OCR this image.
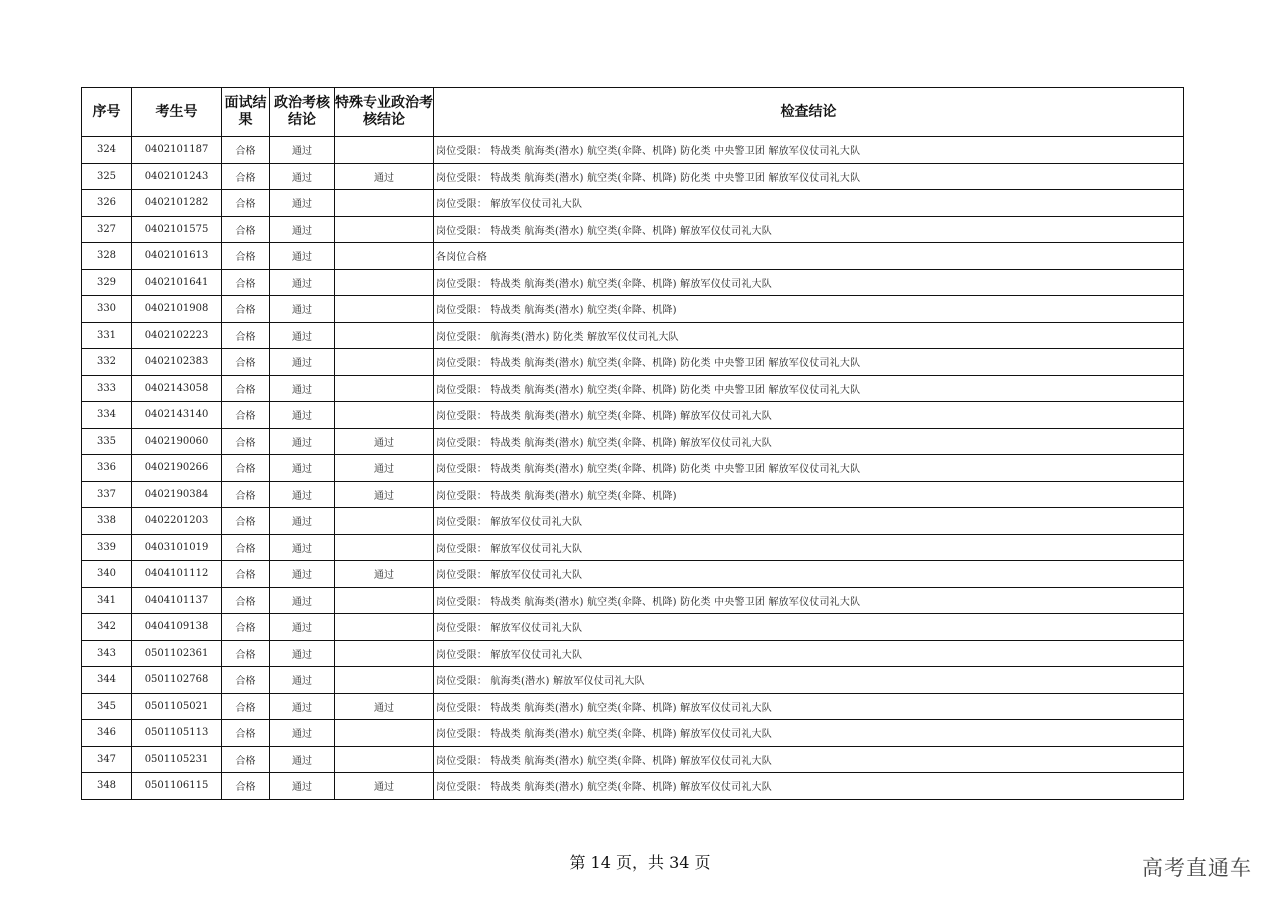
序号	考生号	面试结果	政治考核结论	特殊专业政治考核结论	检查结论
324	0402101187	合格	通过		岗位受限： 特战类 航海类(潜水) 航空类(伞降、机降) 防化类 中央警卫团 解放军仪仗司礼大队
325	0402101243	合格	通过	通过	岗位受限： 特战类 航海类(潜水) 航空类(伞降、机降) 防化类 中央警卫团 解放军仪仗司礼大队
326	0402101282	合格	通过		岗位受限： 解放军仪仗司礼大队
327	0402101575	合格	通过		岗位受限： 特战类 航海类(潜水) 航空类(伞降、机降) 解放军仪仗司礼大队
328	0402101613	合格	通过		各岗位合格
329	0402101641	合格	通过		岗位受限： 特战类 航海类(潜水) 航空类(伞降、机降) 解放军仪仗司礼大队
330	0402101908	合格	通过		岗位受限： 特战类 航海类(潜水) 航空类(伞降、机降)
331	0402102223	合格	通过		岗位受限： 航海类(潜水) 防化类 解放军仪仗司礼大队
332	0402102383	合格	通过		岗位受限： 特战类 航海类(潜水) 航空类(伞降、机降) 防化类 中央警卫团 解放军仪仗司礼大队
333	0402143058	合格	通过		岗位受限： 特战类 航海类(潜水) 航空类(伞降、机降) 防化类 中央警卫团 解放军仪仗司礼大队
334	0402143140	合格	通过		岗位受限： 特战类 航海类(潜水) 航空类(伞降、机降) 解放军仪仗司礼大队
335	0402190060	合格	通过	通过	岗位受限： 特战类 航海类(潜水) 航空类(伞降、机降) 解放军仪仗司礼大队
336	0402190266	合格	通过	通过	岗位受限： 特战类 航海类(潜水) 航空类(伞降、机降) 防化类 中央警卫团 解放军仪仗司礼大队
337	0402190384	合格	通过	通过	岗位受限： 特战类 航海类(潜水) 航空类(伞降、机降)
338	0402201203	合格	通过		岗位受限： 解放军仪仗司礼大队
339	0403101019	合格	通过		岗位受限： 解放军仪仗司礼大队
340	0404101112	合格	通过	通过	岗位受限： 解放军仪仗司礼大队
341	0404101137	合格	通过		岗位受限： 特战类 航海类(潜水) 航空类(伞降、机降) 防化类 中央警卫团 解放军仪仗司礼大队
342	0404109138	合格	通过		岗位受限： 解放军仪仗司礼大队
343	0501102361	合格	通过		岗位受限： 解放军仪仗司礼大队
344	0501102768	合格	通过		岗位受限： 航海类(潜水) 解放军仪仗司礼大队
345	0501105021	合格	通过	通过	岗位受限： 特战类 航海类(潜水) 航空类(伞降、机降) 解放军仪仗司礼大队
346	0501105113	合格	通过		岗位受限： 特战类 航海类(潜水) 航空类(伞降、机降) 解放军仪仗司礼大队
347	0501105231	合格	通过		岗位受限： 特战类 航海类(潜水) 航空类(伞降、机降) 解放军仪仗司礼大队
348	0501106115	合格	通过	通过	岗位受限： 特战类 航海类(潜水) 航空类(伞降、机降) 解放军仪仗司礼大队
第 14 页，共 34 页	高考直通车
